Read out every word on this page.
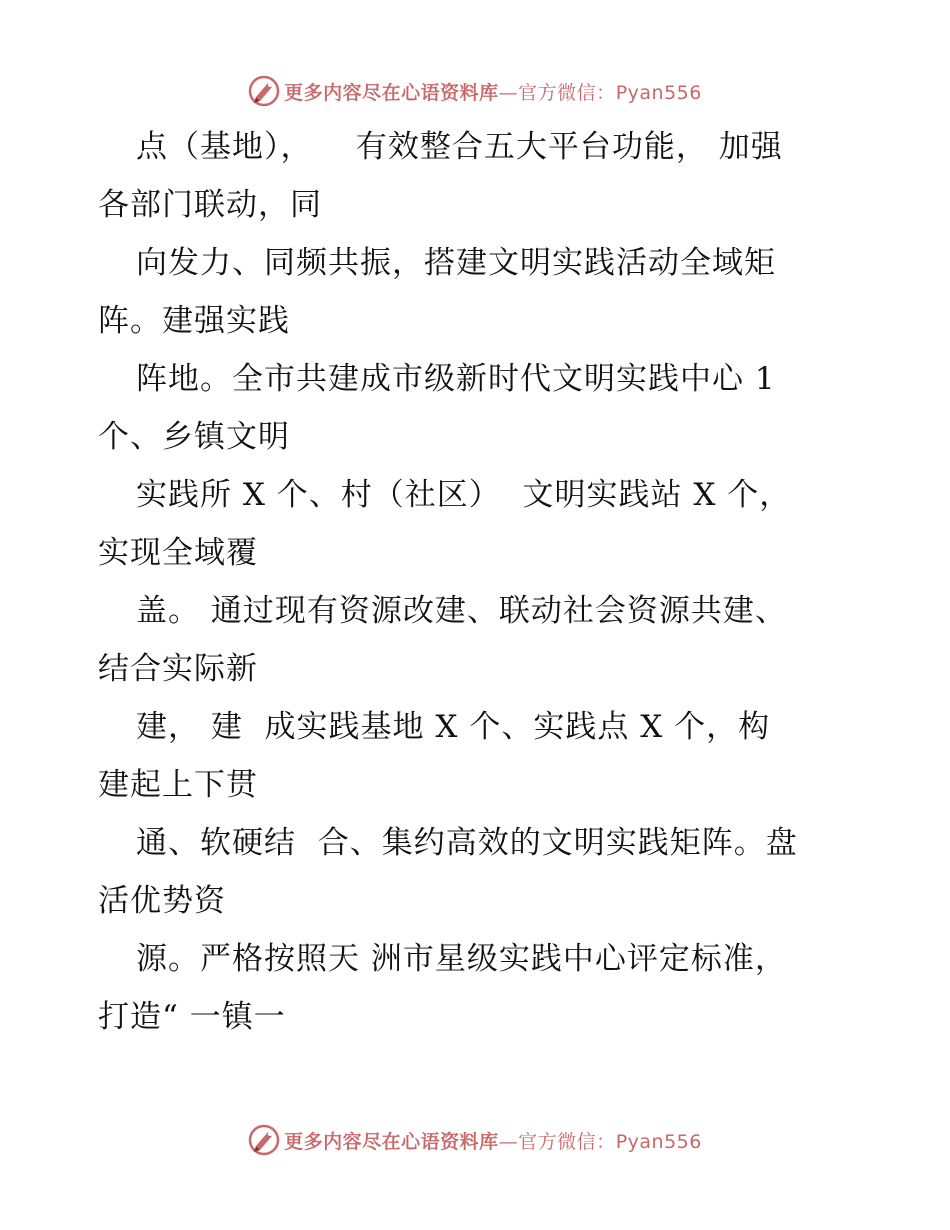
更多内容尽在心语资料库—官方微信：Pyan556
点（基地），    有效整合五大平台功能， 加强
各部门联动，同
向发力、同频共振，搭建文明实践活动全域矩
阵。建强实践
阵地。全市共建成市级新时代文明实践中心 1
个、乡镇文明
实践所 X 个、村（社区）  文明实践站 X 个，
实现全域覆
盖。 通过现有资源改建、联动社会资源共建、
结合实际新
建， 建  成实践基地 X 个、实践点 X 个，构
建起上下贯
通、软硬结  合、集约高效的文明实践矩阵。盘
活优势资
源。严格按照天 洲市星级实践中心评定标准，
打造“ 一镇一
更多内容尽在心语资料库—官方微信：Pyan556
